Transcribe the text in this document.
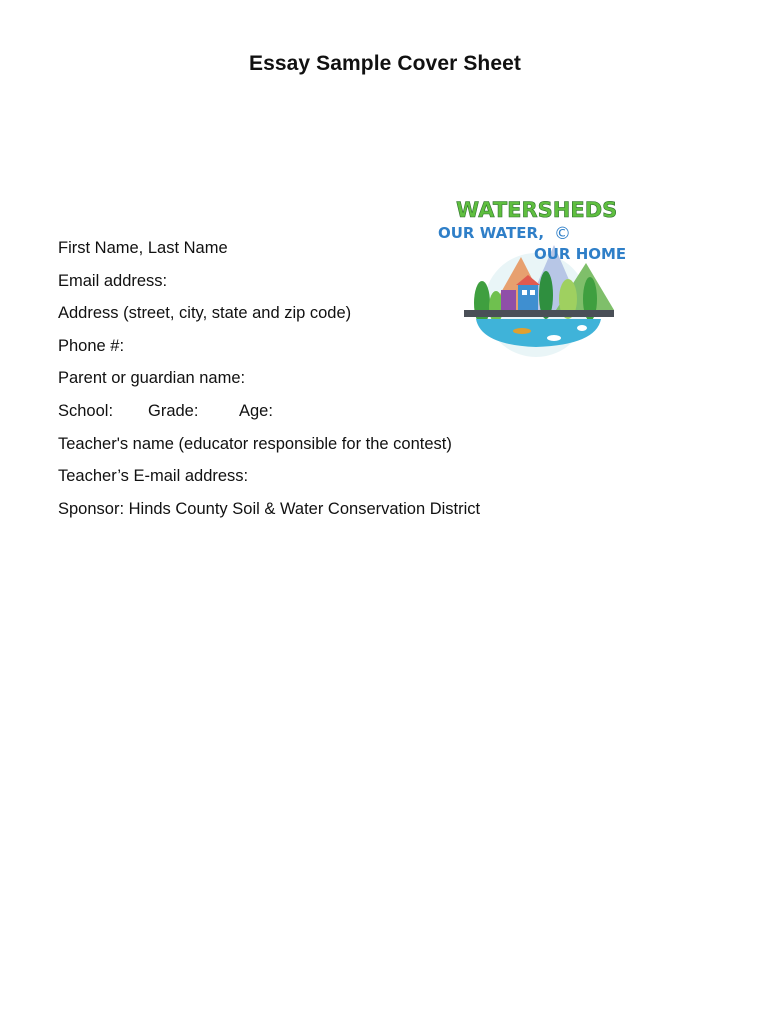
Essay Sample Cover Sheet
WATERSHEDS
OUR WATER, ©
OUR HOME
First Name, Last Name
Email address:
Address (street, city, state and zip code)
Phone #:
Parent or guardian name:
School: Grade: Age:
Teacher's name (educator responsible for the contest)
Teacher’s E-mail address:
Sponsor: Hinds County Soil & Water Conservation District
